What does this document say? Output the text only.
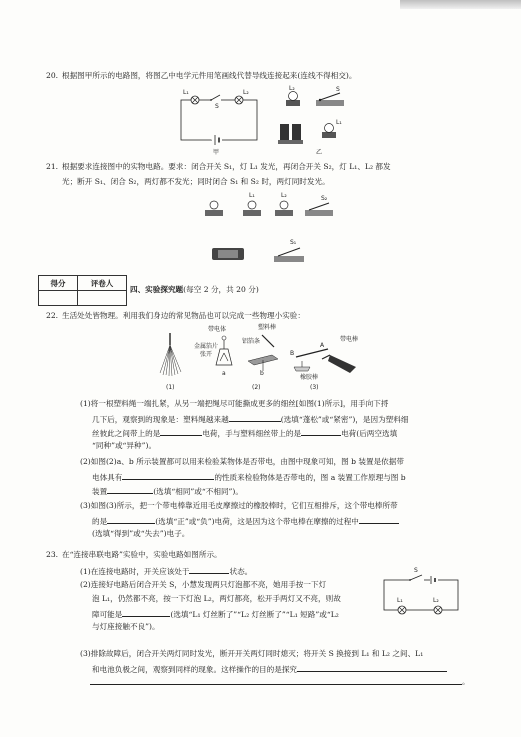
20. 根据图甲所示的电路图，将图乙中电学元件用笔画线代替导线连接起来(连线不得相交)。
L₁	L₂
S
甲
L₂	S
L₁
乙
21. 根据要求连接图中的实物电路。要求：闭合开关 S₁，灯 L₁ 发光，再闭合开关 S₂，灯 L₁、L₂ 都发
光；断开 S₁、闭合 S₂，两灯都不发光；同时闭合 S₁ 和 S₂ 时，两灯同时发光。
L₁	L₂	S₂
S₁
得分	评卷人

四、实验探究题(每空 2 分，共 20 分)
22. 生活处处皆物理。利用我们身边的常见物品也可以完成一些物理小实验：
(1)
带电体
金属箔片
张开
a
塑料棒
铝箔条
b
(2)
B
A
带电棒
橡胶棒
(3)
(1)将一根塑料绳一端扎紧，从另一端把绳尽可能撕成更多的细丝[如图(1)所示]，用手向下捋
几下后，观察到的现象是：塑料绳越来越	(选填“蓬松”或“紧密”)，是因为塑料细
丝彼此之间带上的是	电荷，手与塑料细丝带上的是	电荷(后两空选填
“同种”或“异种”)。
(2)如图(2)a、b 所示装置都可以用来检验某物体是否带电，由图中现象可知，图 b 装置是依据带
电体具有	的性质来检验物体是否带电的，图 a 装置工作原理与图 b
装置	(选填“相同”或“不相同”)。
(3)如图(3)所示，把一个带电棒靠近用毛皮摩擦过的橡胶棒时，它们互相排斥，这个带电棒所带
的是	(选填“正”或“负”)电荷，这是因为这个带电棒在摩擦的过程中
(选填“得到”或“失去”)电子。
23. 在“连接串联电路”实验中，实验电路如图所示。
(1)在连接电路时，开关应该处于	状态。
(2)连接好电路后闭合开关 S，小慧发现两只灯泡都不亮，她用手按一下灯
泡 L₁，仍然都不亮，按一下灯泡 L₂，两灯都亮，松开手两灯又不亮，则故
障可能是	(选填“L₁ 灯丝断了”“L₂ 灯丝断了”“L₁ 短路”或“L₂
与灯座接触不良”)。
S
L₁	L₂
(3)排除故障后，闭合开关两灯同时发光，断开开关两灯同时熄灭；将开关 S 换接到 L₁ 和 L₂ 之间、L₁
和电池负极之间，观察到同样的现象。这样操作的目的是探究
。
